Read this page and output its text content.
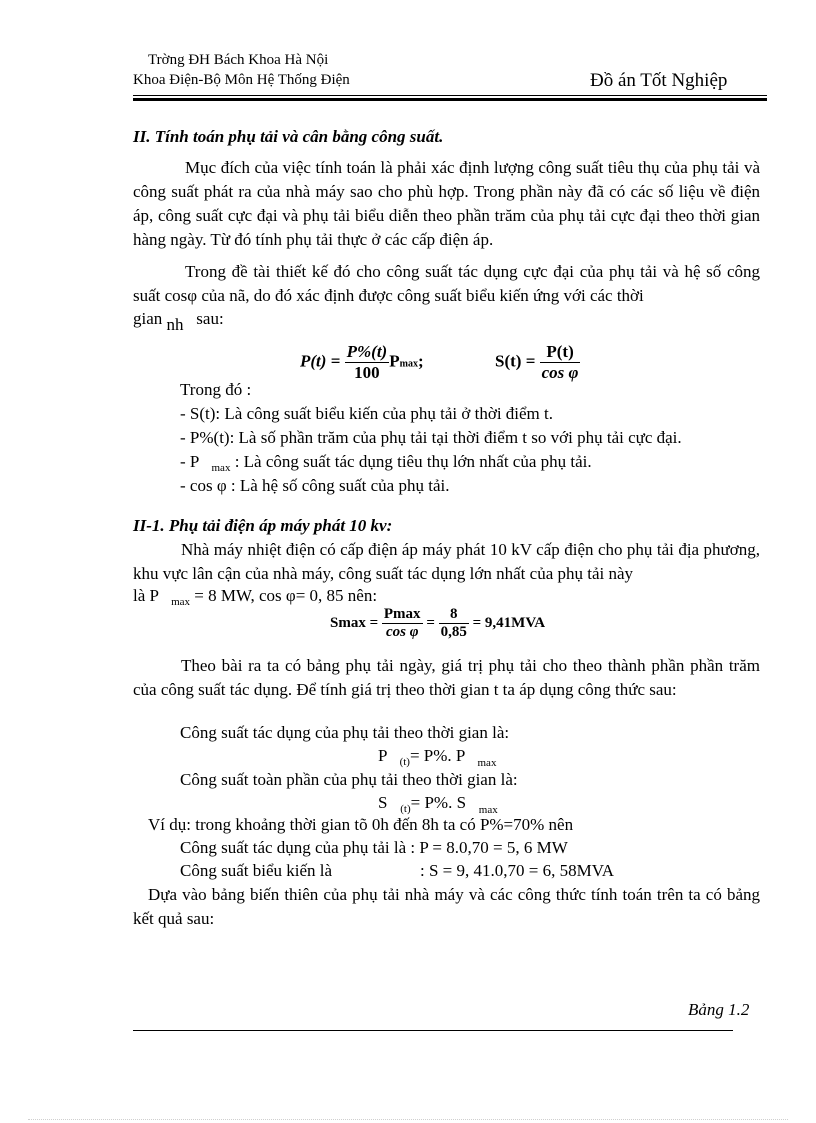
Trờng ĐH Bách Khoa Hà Nội
Khoa Điện-Bộ Môn Hệ Thống Điện	Đồ án Tốt Nghiệp
II. Tính toán phụ tải và cân bằng công suất.
Mục đích của việc tính toán là phải xác định lượng công suất tiêu thụ của phụ tải và công suất phát ra của nhà máy sao cho phù hợp. Trong phần này đã có các số liệu về điện áp, công suất cực đại và phụ tải biểu diễn theo phần trăm của phụ tải cực đại theo thời gian hàng ngày. Từ đó tính phụ tải thực ở các cấp điện áp.
Trong đề tài thiết kế đó cho công suất tác dụng cực đại của phụ tải và hệ số công suất cosφ của nã, do đó xác định được công suất biểu kiến ứng với các thời
gian nh sau:
$P(t) = \frac{P\%(t)}{100} Pmax$;	$S(t) = \frac{P(t)}{\text{cos φ}}$
Trong đó :
- S(t): Là công suất biểu kiến của phụ tải ở thời điểm t.
- P%(t): Là số phần trăm của phụ tải tại thời điểm t so với phụ tải cực đại.
- P $_{max}$ : Là công suất tác dụng tiêu thụ lớn nhất của phụ tải.
- cos φ : Là hệ số công suất của phụ tải.
II-1. Phụ tải điện áp máy phát 10 kv:
Nhà máy nhiệt điện có cấp điện áp máy phát 10 kV cấp điện cho phụ tải địa phương, khu vực lân cận của nhà máy, công suất tác dụng lớn nhất của phụ tải này
là P $_{max}$ = 8 MW, cos φ= 0, 85 nên:
$Smax = \frac{Pmax}{\text{cos φ}} = \frac{8}{0,85} = 9,41MVA$
Theo bài ra ta có bảng phụ tải ngày, giá trị phụ tải cho theo thành phần phần trăm của công suất tác dụng. Để tính giá trị theo thời gian t ta áp dụng công thức sau:
Công suất tác dụng của phụ tải theo thời gian là:
P $_{(t)}$= P%. P $_{max}$
Công suất toàn phần của phụ tải theo thời gian là:
S $_{(t)}$= P%. S $_{max}$
Ví dụ: trong khoảng thời gian tõ 0h đến 8h ta có P%=70% nên
Công suất tác dụng của phụ tải là : P = 8.0,70 = 5, 6 MW
Công suất biểu kiến là	: S = 9, 41.0,70 = 6, 58MVA
Dựa vào bảng biến thiên của phụ tải nhà máy và các công thức tính toán trên ta có bảng kết quả sau:
Bảng 1.2
